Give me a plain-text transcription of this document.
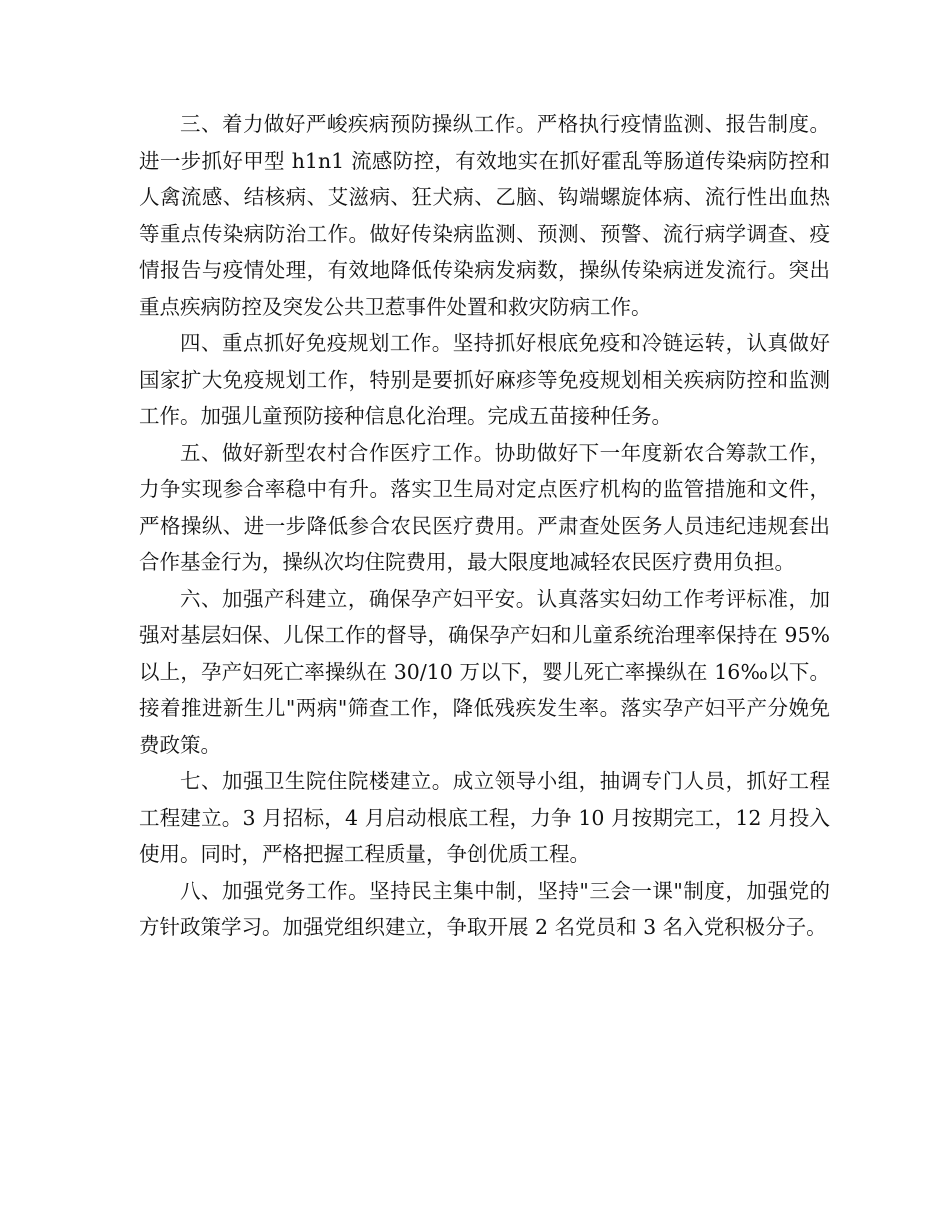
三、着力做好严峻疾病预防操纵工作。严格执行疫情监测、报告制度。进一步抓好甲型 h1n1 流感防控，有效地实在抓好霍乱等肠道传染病防控和人禽流感、结核病、艾滋病、狂犬病、乙脑、钩端螺旋体病、流行性出血热等重点传染病防治工作。做好传染病监测、预测、预警、流行病学调查、疫情报告与疫情处理，有效地降低传染病发病数，操纵传染病迸发流行。突出重点疾病防控及突发公共卫惹事件处置和救灾防病工作。

四、重点抓好免疫规划工作。坚持抓好根底免疫和冷链运转，认真做好国家扩大免疫规划工作，特别是要抓好麻疹等免疫规划相关疾病防控和监测工作。加强儿童预防接种信息化治理。完成五苗接种任务。

五、做好新型农村合作医疗工作。协助做好下一年度新农合筹款工作，力争实现参合率稳中有升。落实卫生局对定点医疗机构的监管措施和文件，严格操纵、进一步降低参合农民医疗费用。严肃查处医务人员违纪违规套出合作基金行为，操纵次均住院费用，最大限度地减轻农民医疗费用负担。

六、加强产科建立，确保孕产妇平安。认真落实妇幼工作考评标准，加强对基层妇保、儿保工作的督导，确保孕产妇和儿童系统治理率保持在 95%以上，孕产妇死亡率操纵在 30/10 万以下，婴儿死亡率操纵在 16‰以下。接着推进新生儿"两病"筛查工作，降低残疾发生率。落实孕产妇平产分娩免费政策。

七、加强卫生院住院楼建立。成立领导小组，抽调专门人员，抓好工程工程建立。3 月招标，4 月启动根底工程，力争 10 月按期完工，12 月投入使用。同时，严格把握工程质量，争创优质工程。

八、加强党务工作。坚持民主集中制，坚持"三会一课"制度，加强党的方针政策学习。加强党组织建立，争取开展 2 名党员和 3 名入党积极分子。
